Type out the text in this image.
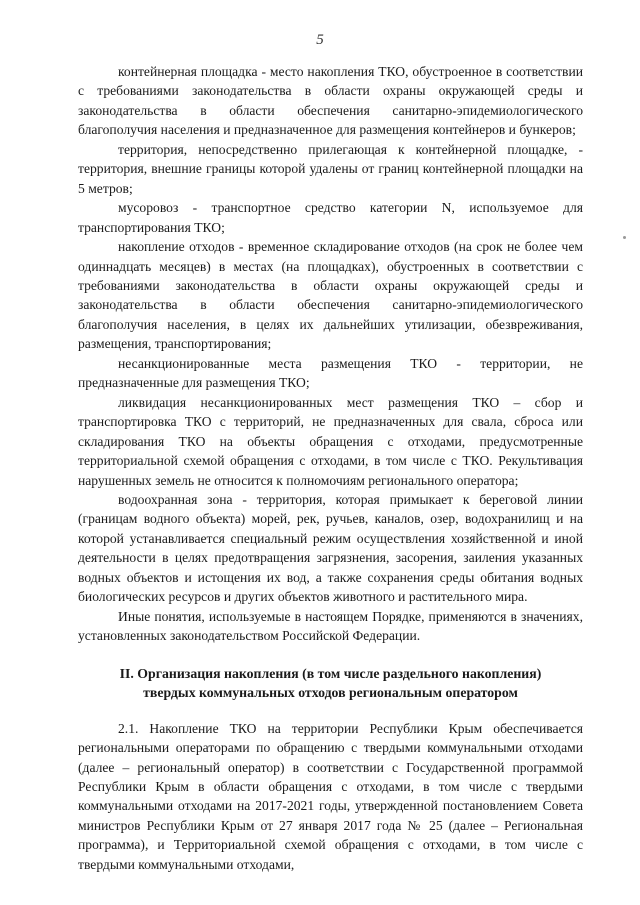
5

контейнерная площадка - место накопления ТКО, обустроенное в соответствии с требованиями законодательства в области охраны окружающей среды и законодательства в области обеспечения санитарно-эпидемиологического благополучия населения и предназначенное для размещения контейнеров и бункеров;

территория, непосредственно прилегающая к контейнерной площадке, - территория, внешние границы которой удалены от границ контейнерной площадки на 5 метров;

мусоровоз - транспортное средство категории N, используемое для транспортирования ТКО;

накопление отходов - временное складирование отходов (на срок не более чем одиннадцать месяцев) в местах (на площадках), обустроенных в соответствии с требованиями законодательства в области охраны окружающей среды и законодательства в области обеспечения санитарно-эпидемиологического благополучия населения, в целях их дальнейших утилизации, обезвреживания, размещения, транспортирования;

несанкционированные места размещения ТКО - территории, не предназначенные для размещения ТКО;

ликвидация несанкционированных мест размещения ТКО – сбор и транспортировка ТКО с территорий, не предназначенных для свала, сброса или складирования ТКО на объекты обращения с отходами, предусмотренные территориальной схемой обращения с отходами, в том числе с ТКО. Рекультивация нарушенных земель не относится к полномочиям регионального оператора;

водоохранная зона - территория, которая примыкает к береговой линии (границам водного объекта) морей, рек, ручьев, каналов, озер, водохранилищ и на которой устанавливается специальный режим осуществления хозяйственной и иной деятельности в целях предотвращения загрязнения, засорения, заиления указанных водных объектов и истощения их вод, а также сохранения среды обитания водных биологических ресурсов и других объектов животного и растительного мира.

Иные понятия, используемые в настоящем Порядке, применяются в значениях, установленных законодательством Российской Федерации.

II. Организация накопления (в том числе раздельного накопления)
твердых коммунальных отходов региональным оператором

2.1. Накопление ТКО на территории Республики Крым обеспечивается региональными операторами по обращению с твердыми коммунальными отходами (далее – региональный оператор) в соответствии с Государственной программой Республики Крым в области обращения с отходами, в том числе с твердыми коммунальными отходами на 2017-2021 годы, утвержденной постановлением Совета министров Республики Крым от 27 января 2017 года № 25 (далее – Региональная программа), и Территориальной схемой обращения с отходами, в том числе с твердыми коммунальными отходами,
